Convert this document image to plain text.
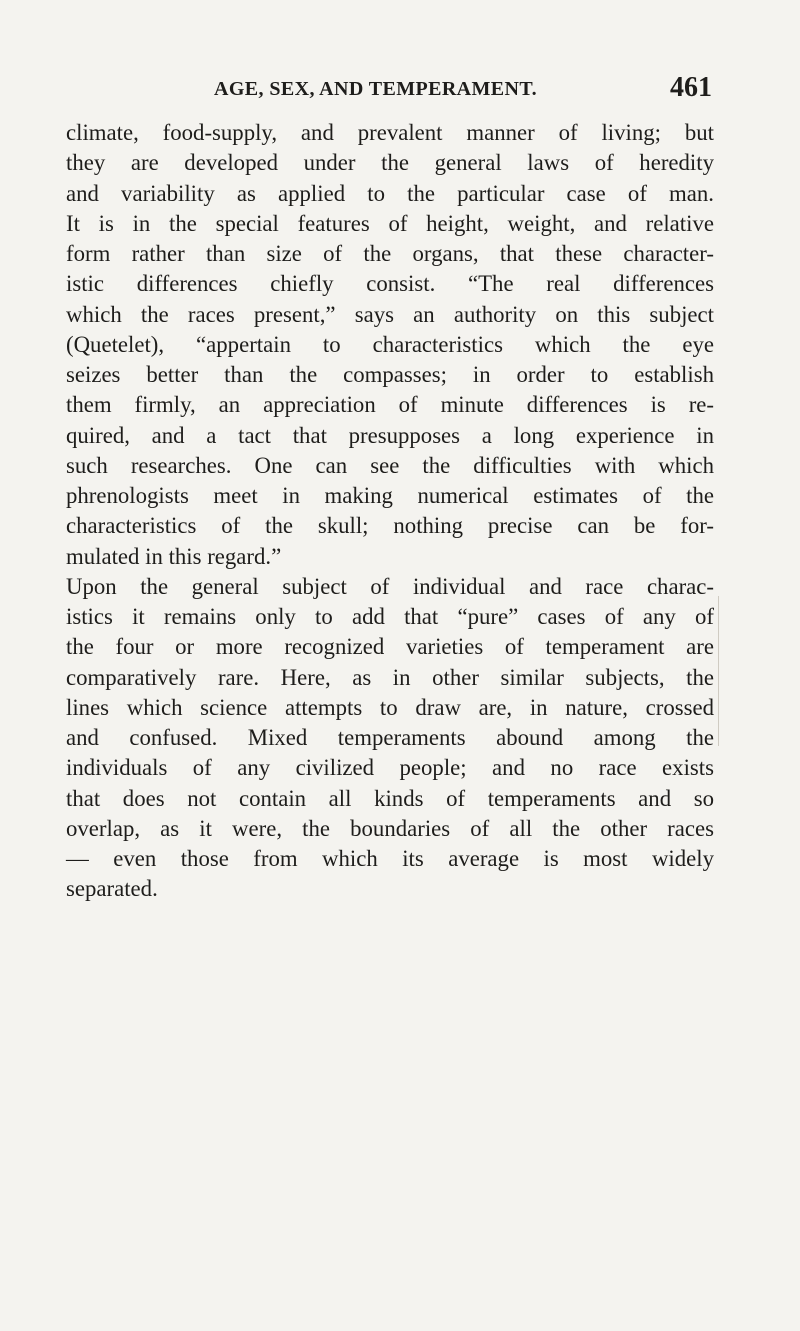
AGE, SEX, AND TEMPERAMENT.	461
climate, food-supply, and prevalent manner of living; but
they are developed under the general laws of heredity
and variability as applied to the particular case of man.
It is in the special features of height, weight, and relative
form rather than size of the organs, that these character-
istic differences chiefly consist. “The real differences
which the races present,” says an authority on this subject
(Quetelet), “appertain to characteristics which the eye
seizes better than the compasses; in order to establish
them firmly, an appreciation of minute differences is re-
quired, and a tact that presupposes a long experience in
such researches. One can see the difficulties with which
phrenologists meet in making numerical estimates of the
characteristics of the skull; nothing precise can be for-
mulated in this regard.”
Upon the general subject of individual and race charac-
istics it remains only to add that “pure” cases of any of
the four or more recognized varieties of temperament are
comparatively rare. Here, as in other similar subjects, the
lines which science attempts to draw are, in nature, crossed
and confused. Mixed temperaments abound among the
individuals of any civilized people; and no race exists
that does not contain all kinds of temperaments and so
overlap, as it were, the boundaries of all the other races
— even those from which its average is most widely
separated.
